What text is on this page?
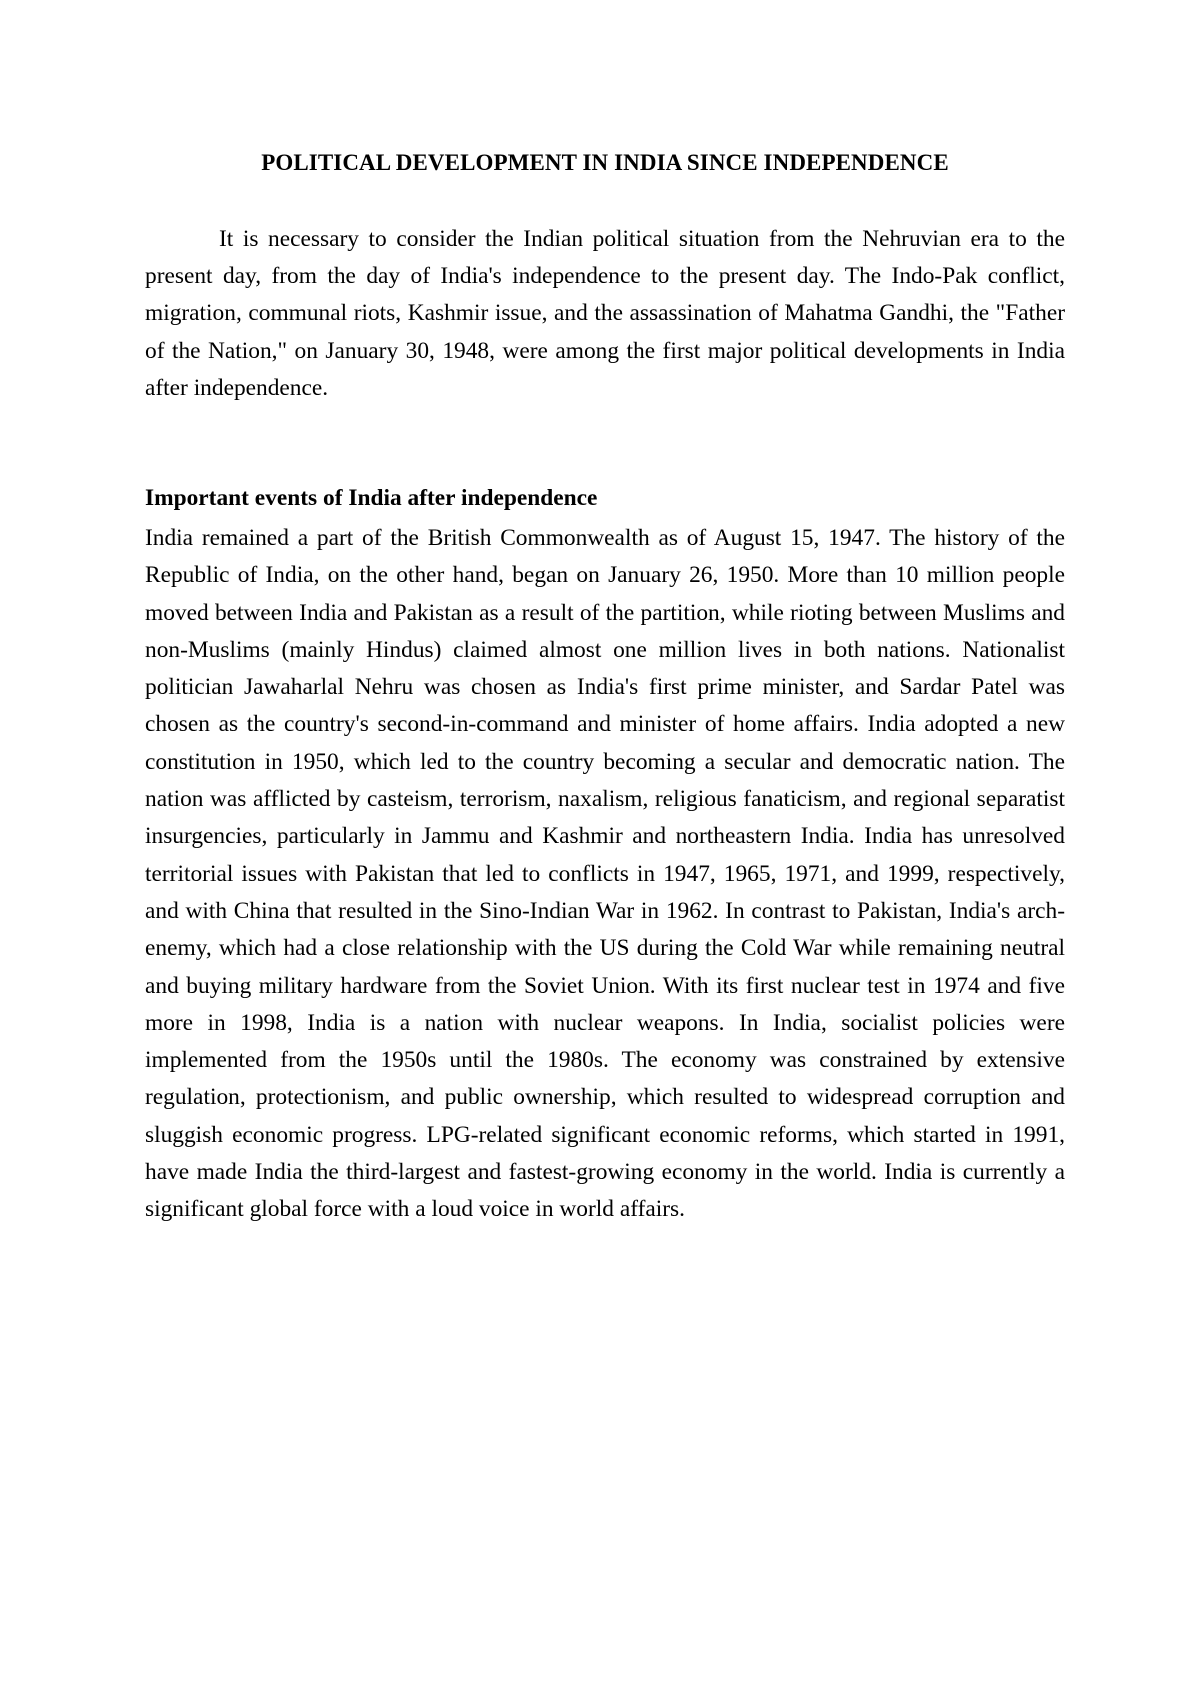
POLITICAL DEVELOPMENT IN INDIA SINCE INDEPENDENCE

It is necessary to consider the Indian political situation from the Nehruvian era to the present day, from the day of India's independence to the present day. The Indo-Pak conflict, migration, communal riots, Kashmir issue, and the assassination of Mahatma Gandhi, the "Father of the Nation," on January 30, 1948, were among the first major political developments in India after independence.

Important events of India after independence

India remained a part of the British Commonwealth as of August 15, 1947. The history of the Republic of India, on the other hand, began on January 26, 1950. More than 10 million people moved between India and Pakistan as a result of the partition, while rioting between Muslims and non-Muslims (mainly Hindus) claimed almost one million lives in both nations. Nationalist politician Jawaharlal Nehru was chosen as India's first prime minister, and Sardar Patel was chosen as the country's second-in-command and minister of home affairs. India adopted a new constitution in 1950, which led to the country becoming a secular and democratic nation. The nation was afflicted by casteism, terrorism, naxalism, religious fanaticism, and regional separatist insurgencies, particularly in Jammu and Kashmir and northeastern India. India has unresolved territorial issues with Pakistan that led to conflicts in 1947, 1965, 1971, and 1999, respectively, and with China that resulted in the Sino-Indian War in 1962. In contrast to Pakistan, India's arch-enemy, which had a close relationship with the US during the Cold War while remaining neutral and buying military hardware from the Soviet Union. With its first nuclear test in 1974 and five more in 1998, India is a nation with nuclear weapons. In India, socialist policies were implemented from the 1950s until the 1980s. The economy was constrained by extensive regulation, protectionism, and public ownership, which resulted to widespread corruption and sluggish economic progress. LPG-related significant economic reforms, which started in 1991, have made India the third-largest and fastest-growing economy in the world. India is currently a significant global force with a loud voice in world affairs.
